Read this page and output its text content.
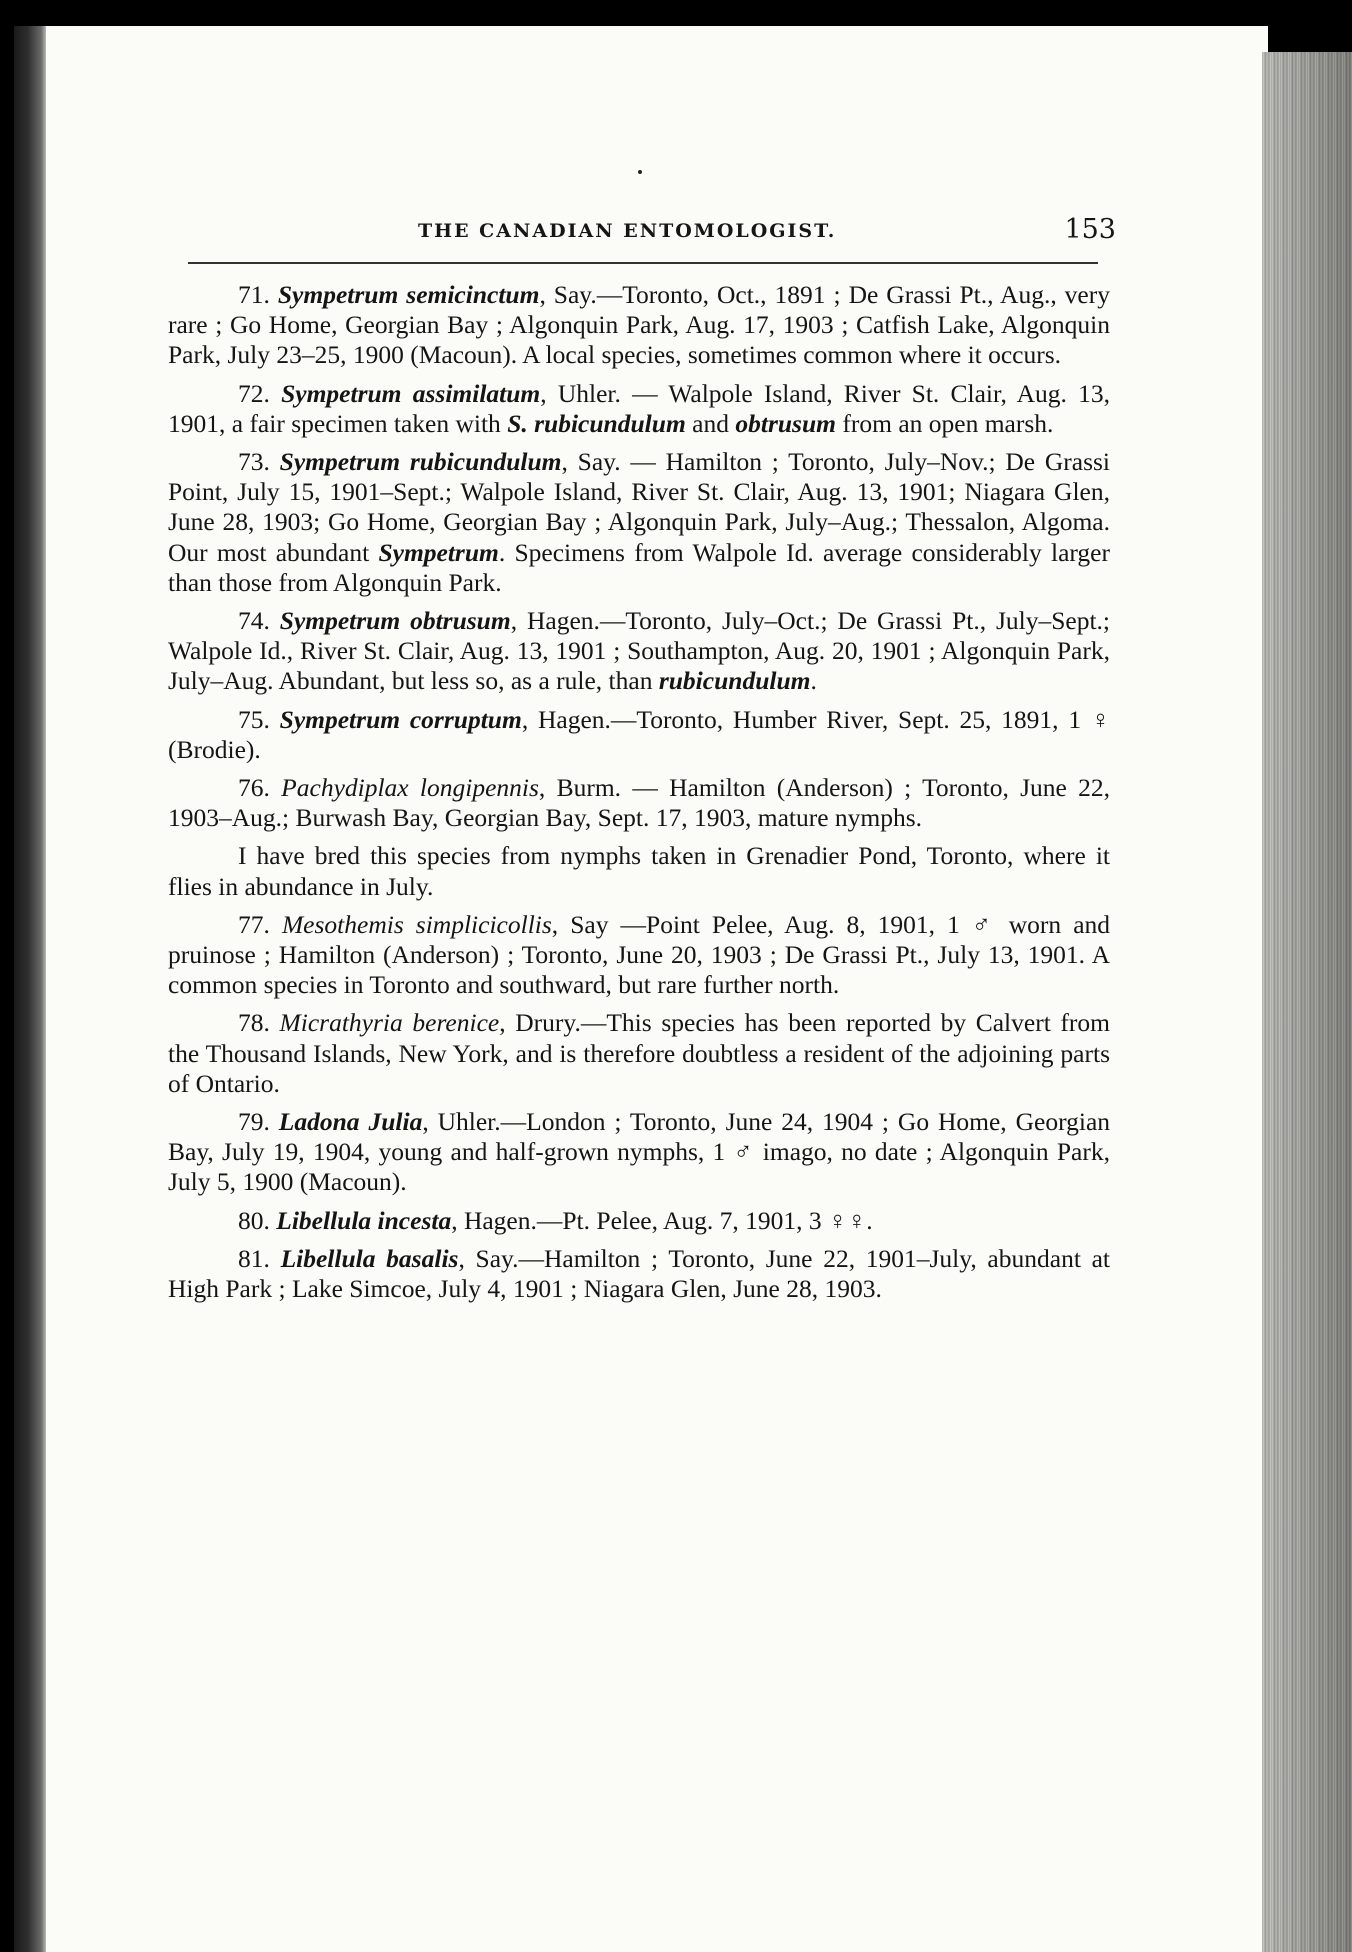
THE CANADIAN ENTOMOLOGIST.	153

71. Sympetrum semicinctum, Say.—Toronto, Oct., 1891 ; De Grassi Pt., Aug., very rare ; Go Home, Georgian Bay ; Algonquin Park, Aug. 17, 1903 ; Catfish Lake, Algonquin Park, July 23–25, 1900 (Macoun). A local species, sometimes common where it occurs.

72. Sympetrum assimilatum, Uhler. — Walpole Island, River St. Clair, Aug. 13, 1901, a fair specimen taken with S. rubicundulum and obtrusum from an open marsh.

73. Sympetrum rubicundulum, Say. — Hamilton ; Toronto, July–Nov.; De Grassi Point, July 15, 1901–Sept.; Walpole Island, River St. Clair, Aug. 13, 1901; Niagara Glen, June 28, 1903; Go Home, Georgian Bay ; Algonquin Park, July–Aug.; Thessalon, Algoma. Our most abundant Sympetrum. Specimens from Walpole Id. average considerably larger than those from Algonquin Park.

74. Sympetrum obtrusum, Hagen.—Toronto, July–Oct.; De Grassi Pt., July–Sept.; Walpole Id., River St. Clair, Aug. 13, 1901 ; Southampton, Aug. 20, 1901 ; Algonquin Park, July–Aug. Abundant, but less so, as a rule, than rubicundulum.

75. Sympetrum corruptum, Hagen.—Toronto, Humber River, Sept. 25, 1891, 1 ♀ (Brodie).

76. Pachydiplax longipennis, Burm. — Hamilton (Anderson) ; Toronto, June 22, 1903–Aug.; Burwash Bay, Georgian Bay, Sept. 17, 1903, mature nymphs.

I have bred this species from nymphs taken in Grenadier Pond, Toronto, where it flies in abundance in July.

77. Mesothemis simplicicollis, Say —Point Pelee, Aug. 8, 1901, 1 ♂ worn and pruinose ; Hamilton (Anderson) ; Toronto, June 20, 1903 ; De Grassi Pt., July 13, 1901. A common species in Toronto and southward, but rare further north.

78. Micrathyria berenice, Drury.—This species has been reported by Calvert from the Thousand Islands, New York, and is therefore doubtless a resident of the adjoining parts of Ontario.

79. Ladona Julia, Uhler.—London ; Toronto, June 24, 1904 ; Go Home, Georgian Bay, July 19, 1904, young and half-grown nymphs, 1 ♂ imago, no date ; Algonquin Park, July 5, 1900 (Macoun).

80. Libellula incesta, Hagen.—Pt. Pelee, Aug. 7, 1901, 3 ♀♀.

81. Libellula basalis, Say.—Hamilton ; Toronto, June 22, 1901–July, abundant at High Park ; Lake Simcoe, July 4, 1901 ; Niagara Glen, June 28, 1903.
